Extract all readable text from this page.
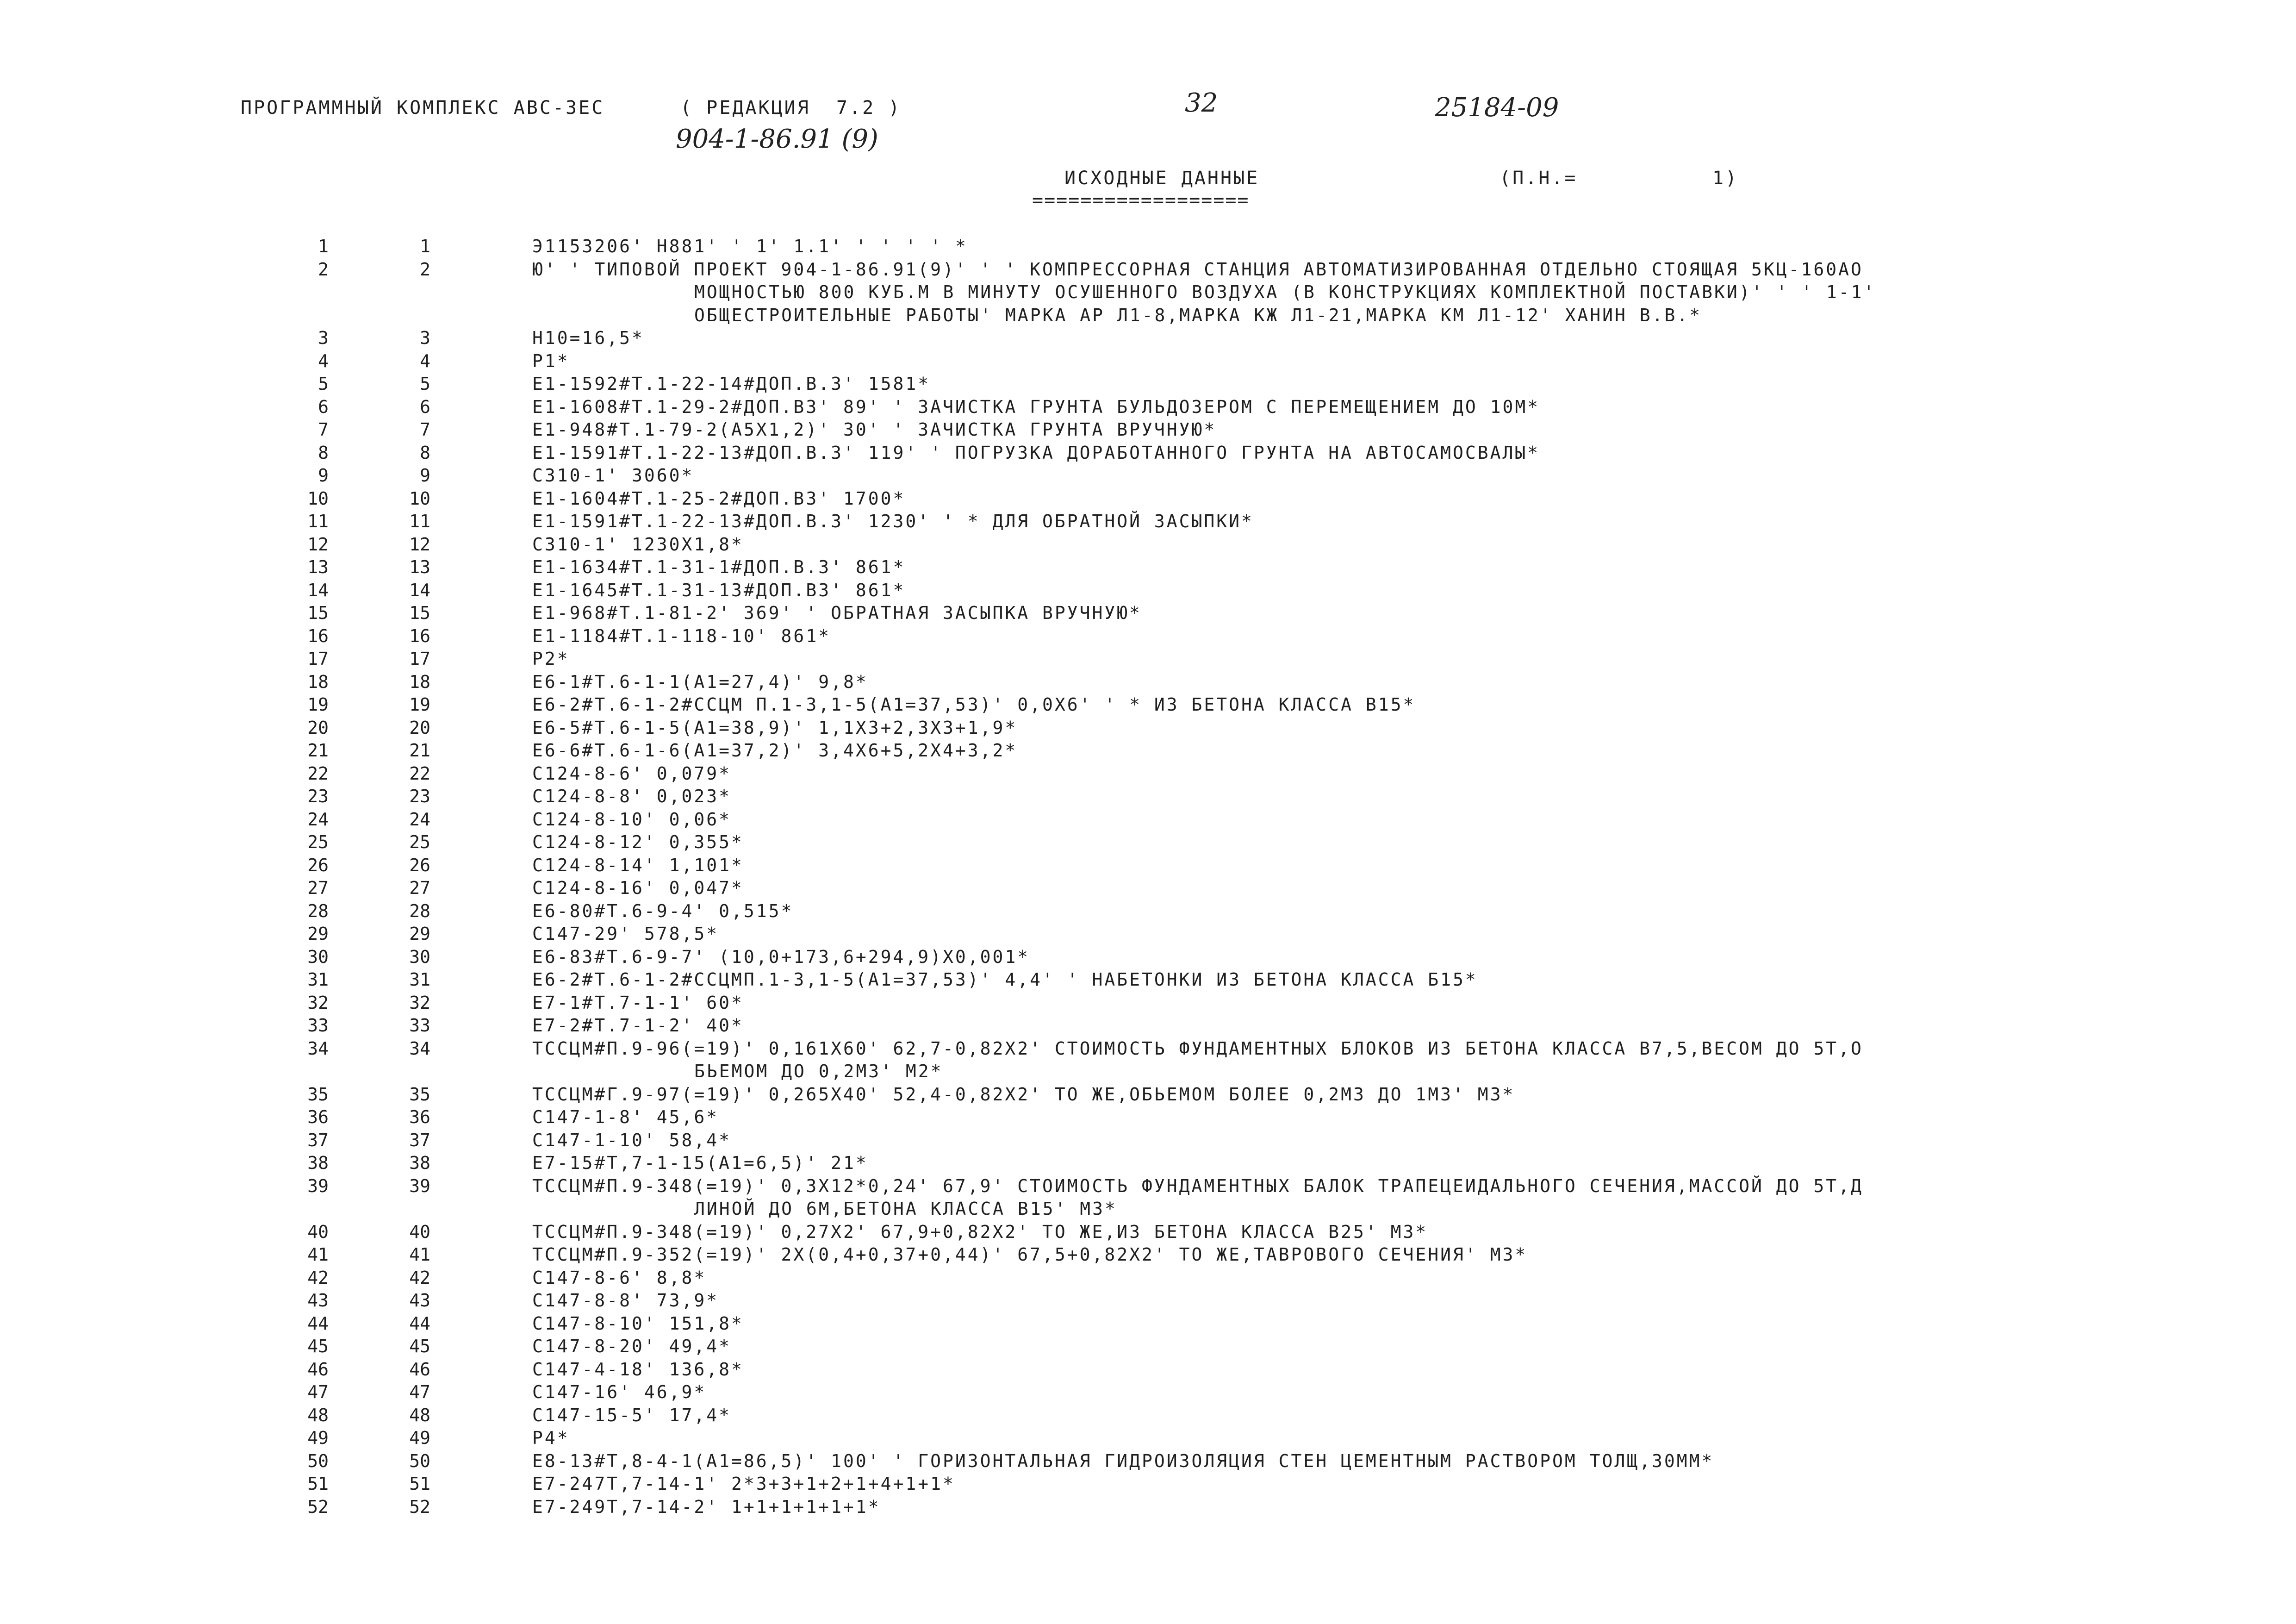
ПРОГРАММНЫЙ КОМПЛЕКС АВС-ЗЕС	( РЕДАКЦИЯ  7.2 )	32	25184-09
904-1-86.91 (9)
ИСХОДНЫЕ ДАННЫЕ
==================
(П.Н.=	1)
1	1	Э1153206' Н881' ' 1' 1.1' ' ' ' ' *
2	2	Ю' ' ТИПОВОЙ ПРОЕКТ 904-1-86.91(9)' ' ' КОМПРЕССОРНАЯ СТАНЦИЯ АВТОМАТИЗИРОВАННАЯ ОТДЕЛЬНО СТОЯЩАЯ 5КЦ-160АО
МОЩНОСТЬЮ 800 КУБ.М В МИНУТУ ОСУШЕННОГО ВОЗДУХА (В КОНСТРУКЦИЯХ КОМПЛЕКТНОЙ ПОСТАВКИ)' ' ' 1-1'
ОБЩЕСТРОИТЕЛЬНЫЕ РАБОТЫ' МАРКА АР Л1-8,МАРКА КЖ Л1-21,МАРКА КМ Л1-12' ХАНИН В.В.*
3	3	Н10=16,5*
4	4	Р1*
5	5	Е1-1592#Т.1-22-14#ДОП.В.3' 1581*
6	6	Е1-1608#Т.1-29-2#ДОП.В3' 89' ' ЗАЧИСТКА ГРУНТА БУЛЬДОЗЕРОМ С ПЕРЕМЕЩЕНИЕМ ДО 10М*
7	7	Е1-948#Т.1-79-2(А5Х1,2)' 30' ' ЗАЧИСТКА ГРУНТА ВРУЧНУЮ*
8	8	Е1-1591#Т.1-22-13#ДОП.В.3' 119' ' ПОГРУЗКА ДОРАБОТАННОГО ГРУНТА НА АВТОСАМОСВАЛЫ*
9	9	С310-1' 3060*
10	10	Е1-1604#Т.1-25-2#ДОП.В3' 1700*
11	11	Е1-1591#Т.1-22-13#ДОП.В.3' 1230' ' * ДЛЯ ОБРАТНОЙ ЗАСЫПКИ*
12	12	С310-1' 1230Х1,8*
13	13	Е1-1634#Т.1-31-1#ДОП.В.3' 861*
14	14	Е1-1645#Т.1-31-13#ДОП.В3' 861*
15	15	Е1-968#Т.1-81-2' 369' ' ОБРАТНАЯ ЗАСЫПКА ВРУЧНУЮ*
16	16	Е1-1184#Т.1-118-10' 861*
17	17	Р2*
18	18	Е6-1#Т.6-1-1(А1=27,4)' 9,8*
19	19	Е6-2#Т.6-1-2#ССЦМ П.1-3,1-5(А1=37,53)' 0,0Х6' ' * ИЗ БЕТОНА КЛАССА В15*
20	20	Е6-5#Т.6-1-5(А1=38,9)' 1,1Х3+2,3Х3+1,9*
21	21	Е6-6#Т.6-1-6(А1=37,2)' 3,4Х6+5,2Х4+3,2*
22	22	С124-8-6' 0,079*
23	23	С124-8-8' 0,023*
24	24	С124-8-10' 0,06*
25	25	С124-8-12' 0,355*
26	26	С124-8-14' 1,101*
27	27	С124-8-16' 0,047*
28	28	Е6-80#Т.6-9-4' 0,515*
29	29	С147-29' 578,5*
30	30	Е6-83#Т.6-9-7' (10,0+173,6+294,9)Х0,001*
31	31	Е6-2#Т.6-1-2#ССЦМП.1-3,1-5(А1=37,53)' 4,4' ' НАБЕТОНКИ ИЗ БЕТОНА КЛАССА Б15*
32	32	Е7-1#Т.7-1-1' 60*
33	33	Е7-2#Т.7-1-2' 40*
34	34	ТССЦМ#П.9-96(=19)' 0,161Х60' 62,7-0,82Х2' СТОИМОСТЬ ФУНДАМЕНТНЫХ БЛОКОВ ИЗ БЕТОНА КЛАССА В7,5,ВЕСОМ ДО 5Т,О
БЬЕМОМ ДО 0,2М3' М2*
35	35	ТССЦМ#Г.9-97(=19)' 0,265Х40' 52,4-0,82Х2' ТО ЖЕ,ОБЬЕМОМ БОЛЕЕ 0,2М3 ДО 1М3' М3*
36	36	С147-1-8' 45,6*
37	37	С147-1-10' 58,4*
38	38	Е7-15#Т,7-1-15(А1=6,5)' 21*
39	39	ТССЦМ#П.9-348(=19)' 0,3Х12*0,24' 67,9' СТОИМОСТЬ ФУНДАМЕНТНЫХ БАЛОК ТРАПЕЦЕИДАЛЬНОГО СЕЧЕНИЯ,МАССОЙ ДО 5Т,Д
ЛИНОЙ ДО 6М,БЕТОНА КЛАССА В15' М3*
40	40	ТССЦМ#П.9-348(=19)' 0,27Х2' 67,9+0,82Х2' ТО ЖЕ,ИЗ БЕТОНА КЛАССА В25' М3*
41	41	ТССЦМ#П.9-352(=19)' 2Х(0,4+0,37+0,44)' 67,5+0,82Х2' ТО ЖЕ,ТАВРОВОГО СЕЧЕНИЯ' М3*
42	42	С147-8-6' 8,8*
43	43	С147-8-8' 73,9*
44	44	С147-8-10' 151,8*
45	45	С147-8-20' 49,4*
46	46	С147-4-18' 136,8*
47	47	С147-16' 46,9*
48	48	С147-15-5' 17,4*
49	49	Р4*
50	50	Е8-13#Т,8-4-1(А1=86,5)' 100' ' ГОРИЗОНТАЛЬНАЯ ГИДРОИЗОЛЯЦИЯ СТЕН ЦЕМЕНТНЫМ РАСТВОРОМ ТОЛЩ,30ММ*
51	51	Е7-247Т,7-14-1' 2*3+3+1+2+1+4+1+1*
52	52	Е7-249Т,7-14-2' 1+1+1+1+1+1*
